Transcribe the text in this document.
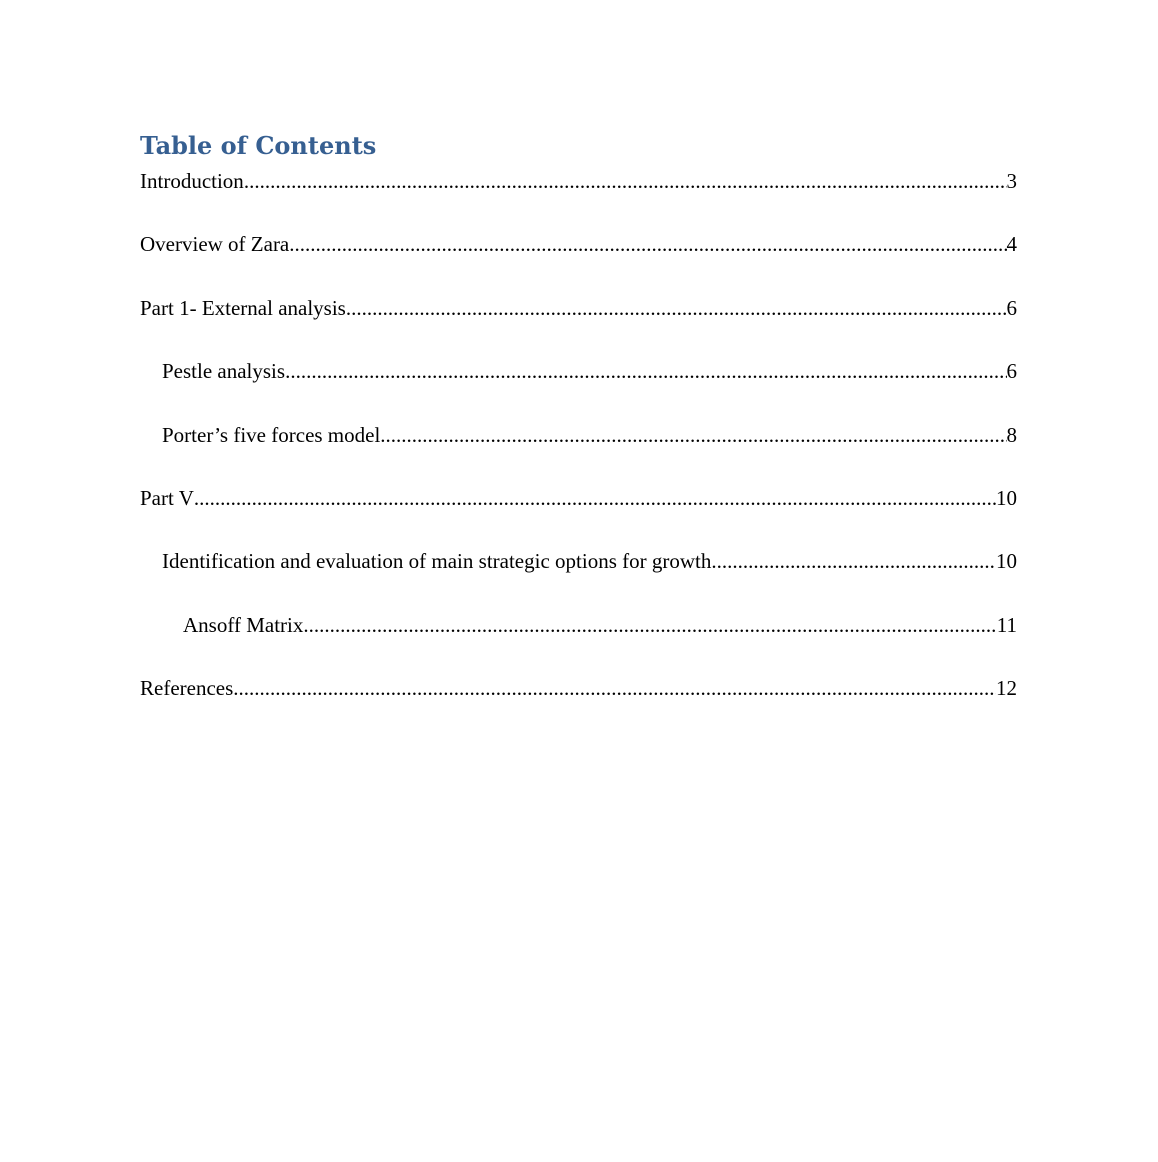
Table of Contents
Introduction .....	3
Overview of Zara .....	4
Part 1- External analysis .....	6
Pestle analysis .....	6
Porter’s five forces model .....	8
Part V .....	10
Identification and evaluation of main strategic options for growth .....	10
Ansoff Matrix .....	11
References .....	12
